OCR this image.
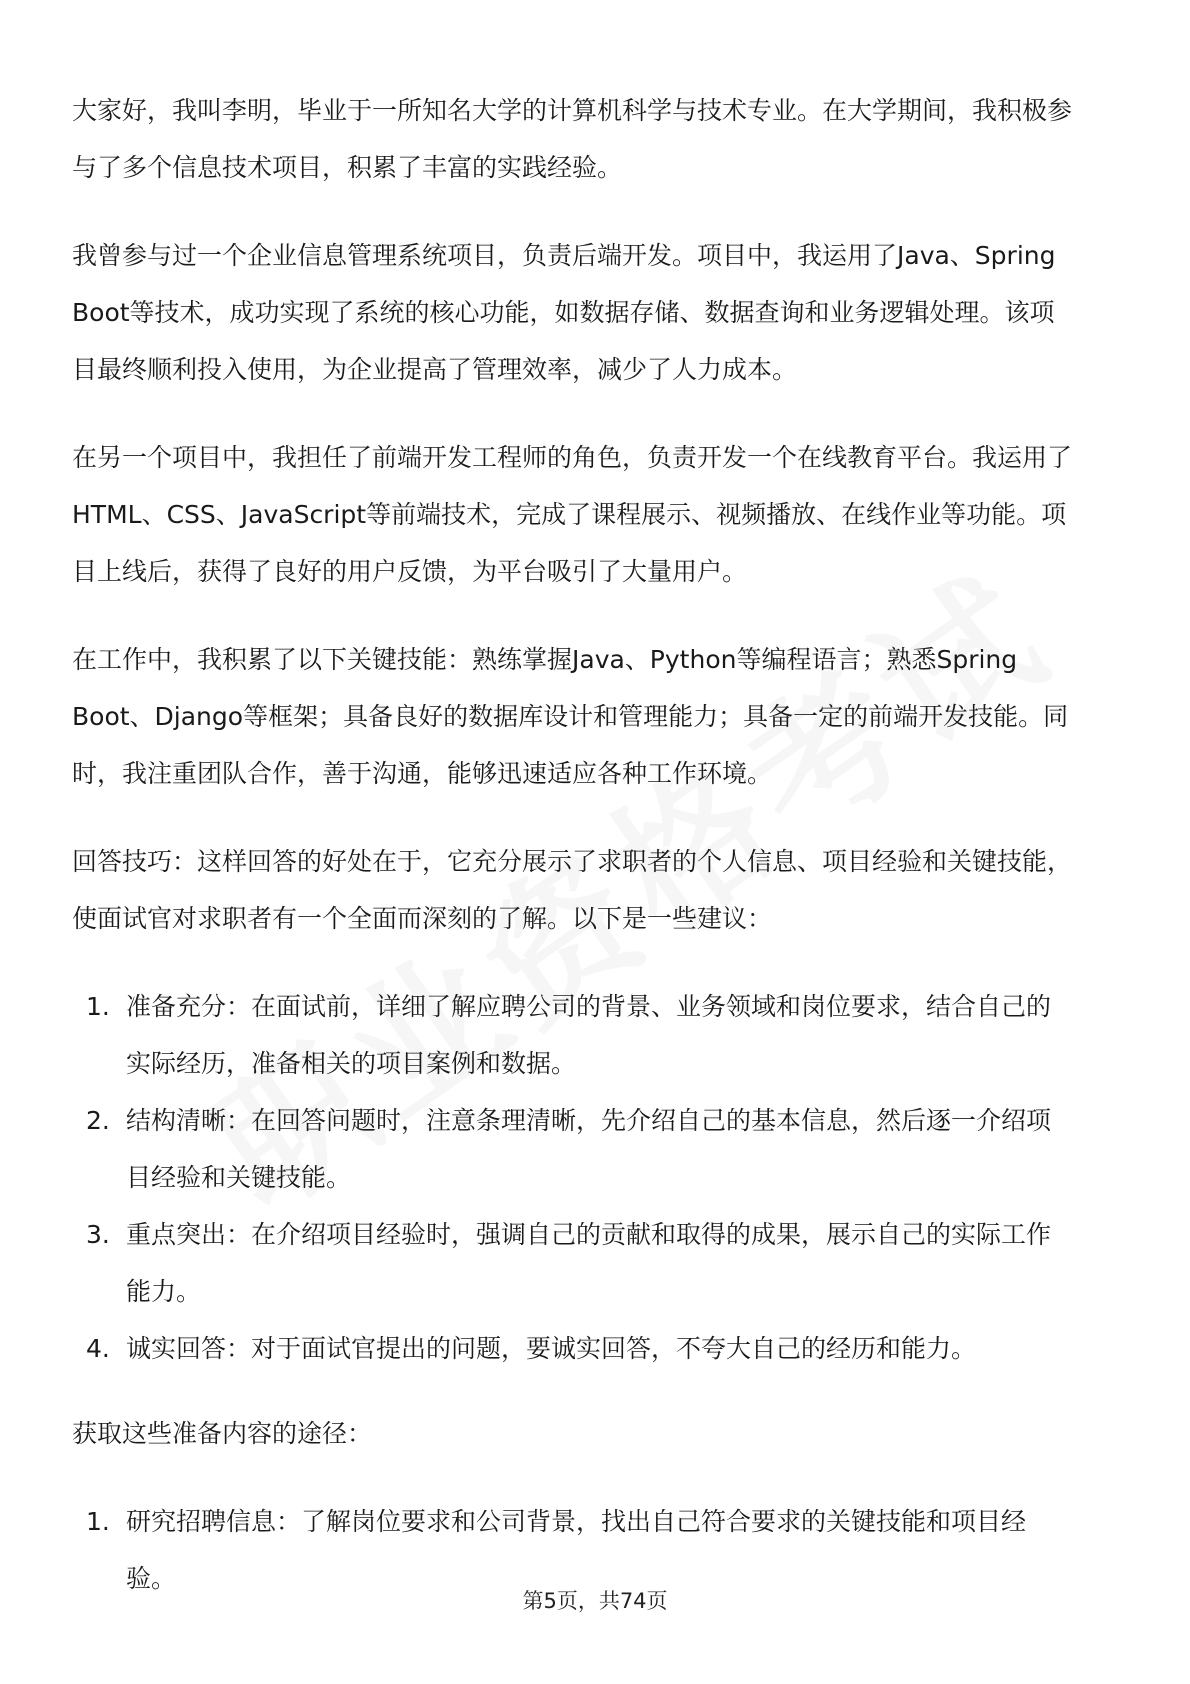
大家好，我叫李明，毕业于一所知名大学的计算机科学与技术专业。在大学期间，我积极参与了多个信息技术项目，积累了丰富的实践经验。

我曾参与过一个企业信息管理系统项目，负责后端开发。项目中，我运用了Java、Spring Boot等技术，成功实现了系统的核心功能，如数据存储、数据查询和业务逻辑处理。该项目最终顺利投入使用，为企业提高了管理效率，减少了人力成本。

在另一个项目中，我担任了前端开发工程师的角色，负责开发一个在线教育平台。我运用了HTML、CSS、JavaScript等前端技术，完成了课程展示、视频播放、在线作业等功能。项目上线后，获得了良好的用户反馈，为平台吸引了大量用户。

在工作中，我积累了以下关键技能：熟练掌握Java、Python等编程语言；熟悉Spring Boot、Django等框架；具备良好的数据库设计和管理能力；具备一定的前端开发技能。同时，我注重团队合作，善于沟通，能够迅速适应各种工作环境。

回答技巧：这样回答的好处在于，它充分展示了求职者的个人信息、项目经验和关键技能，使面试官对求职者有一个全面而深刻的了解。以下是一些建议：

1. 准备充分：在面试前，详细了解应聘公司的背景、业务领域和岗位要求，结合自己的实际经历，准备相关的项目案例和数据。
2. 结构清晰：在回答问题时，注意条理清晰，先介绍自己的基本信息，然后逐一介绍项目经验和关键技能。
3. 重点突出：在介绍项目经验时，强调自己的贡献和取得的成果，展示自己的实际工作能力。
4. 诚实回答：对于面试官提出的问题，要诚实回答，不夸大自己的经历和能力。

获取这些准备内容的途径：

1. 研究招聘信息：了解岗位要求和公司背景，找出自己符合要求的关键技能和项目经验。
第5页，共74页
